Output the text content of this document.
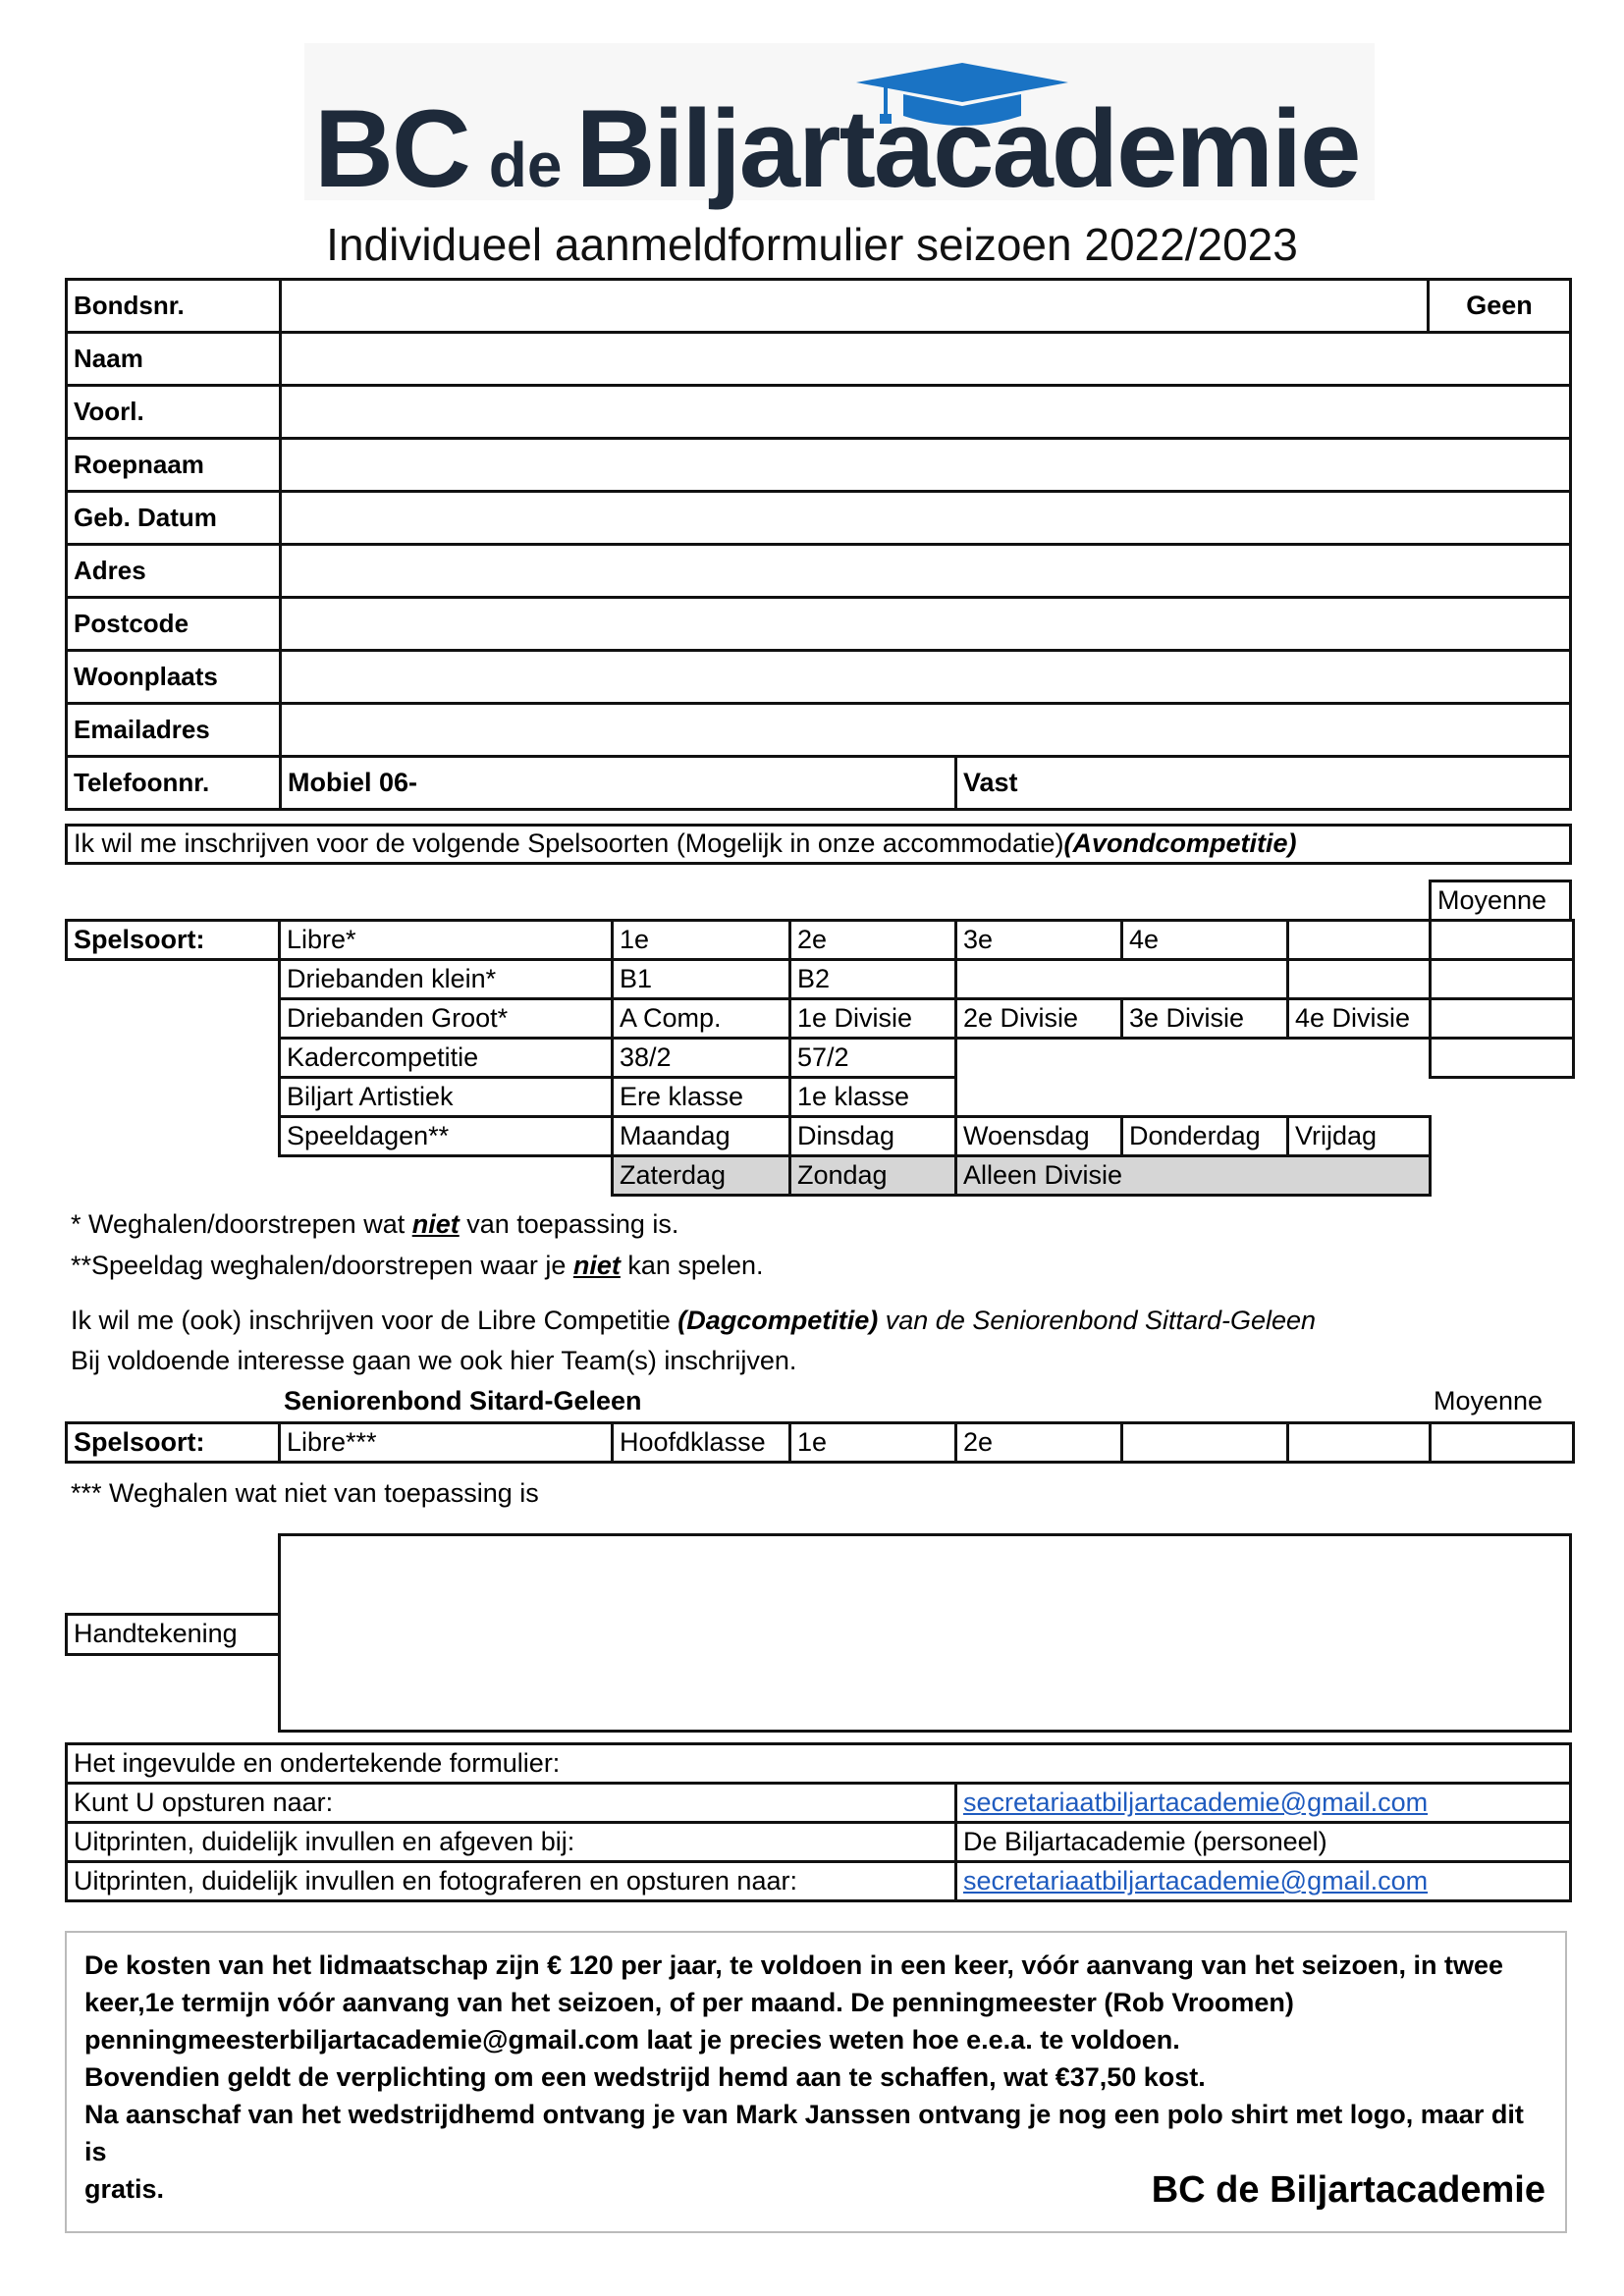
BC de Biljartacademie
Individueel aanmeldformulier seizoen 2022/2023
Bondsnr.			Geen
Naam			
Voorl.			
Roepnaam			
Geb. Datum			
Adres			
Postcode			
Woonplaats			
Emailadres			
Telefoonnr.	Mobiel 06-	Vast	
Ik wil me inschrijven voor de volgende Spelsoorten (Mogelijk in onze accommodatie)(Avondcompetitie)
Moyenne
Spelsoort:	Libre*	1e	2e	3e	4e		
	Driebanden klein*	B1	B2				
	Driebanden Groot*	A Comp.	1e Divisie	2e Divisie	3e Divisie	4e Divisie	
	Kadercompetitie	38/2	57/2				
	Biljart Artistiek	Ere klasse	1e klasse				
	Speeldagen**	Maandag	Dinsdag	Woensdag	Donderdag	Vrijdag	
		Zaterdag	Zondag	Alleen Divisie			
* Weghalen/doorstrepen wat niet van toepassing is.
**Speeldag weghalen/doorstrepen waar je niet kan spelen.
Ik wil me (ook) inschrijven voor de Libre Competitie (Dagcompetitie) van de Seniorenbond Sittard-Geleen
Bij voldoende interesse gaan we ook hier Team(s) inschrijven.
Seniorenbond Sitard-Geleen	Moyenne
Spelsoort:	Libre***	Hoofdklasse	1e	2e			
*** Weghalen wat niet van toepassing is
Handtekening
Het ingevulde en ondertekende formulier:	
Kunt U opsturen naar:	secretariaatbiljartacademie@gmail.com
Uitprinten, duidelijk invullen en afgeven bij:	De Biljartacademie (personeel)
Uitprinten, duidelijk invullen en fotograferen en opsturen naar:	secretariaatbiljartacademie@gmail.com
De kosten van het lidmaatschap zijn € 120 per jaar, te voldoen in een keer, vóór aanvang van het seizoen, in twee
keer,1e termijn vóór aanvang van het seizoen, of per maand. De penningmeester (Rob Vroomen)
penningmeesterbiljartacademie@gmail.com laat je precies weten hoe e.e.a. te voldoen.
Bovendien geldt de verplichting om een wedstrijd hemd aan te schaffen, wat €37,50 kost.
Na aanschaf van het wedstrijdhemd ontvang je van Mark Janssen ontvang je nog een polo shirt met logo, maar dit is
gratis.	BC de Biljartacademie
